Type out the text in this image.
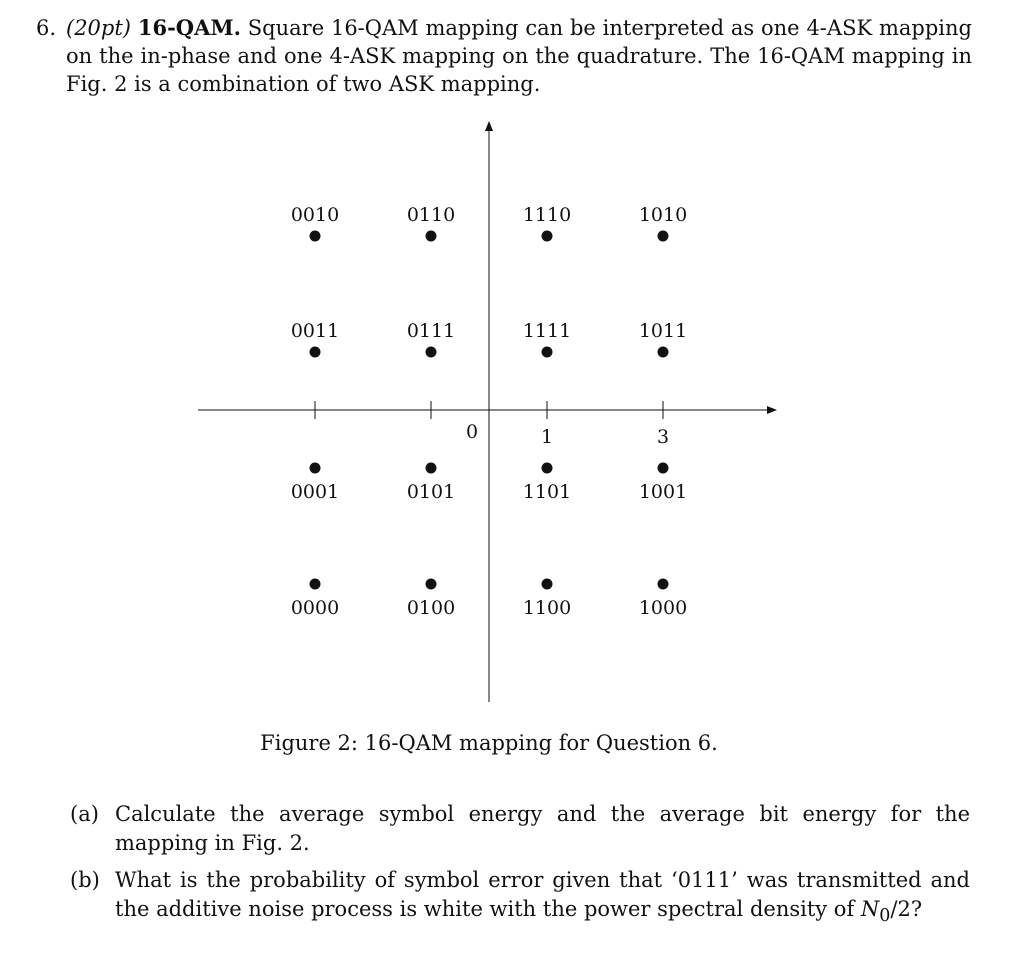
6. (20pt) 16-QAM. Square 16-QAM mapping can be interpreted as one 4-ASK mapping on the in-phase and one 4-ASK mapping on the quadrature. The 16-QAM mapping in Fig. 2 is a combination of two ASK mapping.
0	1	3
0010	0110	1110	1010
0011	0111	1111	1011
0001	0101	1101	1001
0000	0100	1100	1000
Figure 2: 16-QAM mapping for Question 6.
(a) Calculate the average symbol energy and the average bit energy for the mapping in Fig. 2.
(b) What is the probability of symbol error given that ‘0111’ was transmitted and the additive noise process is white with the power spectral density of $N_0/2$?
